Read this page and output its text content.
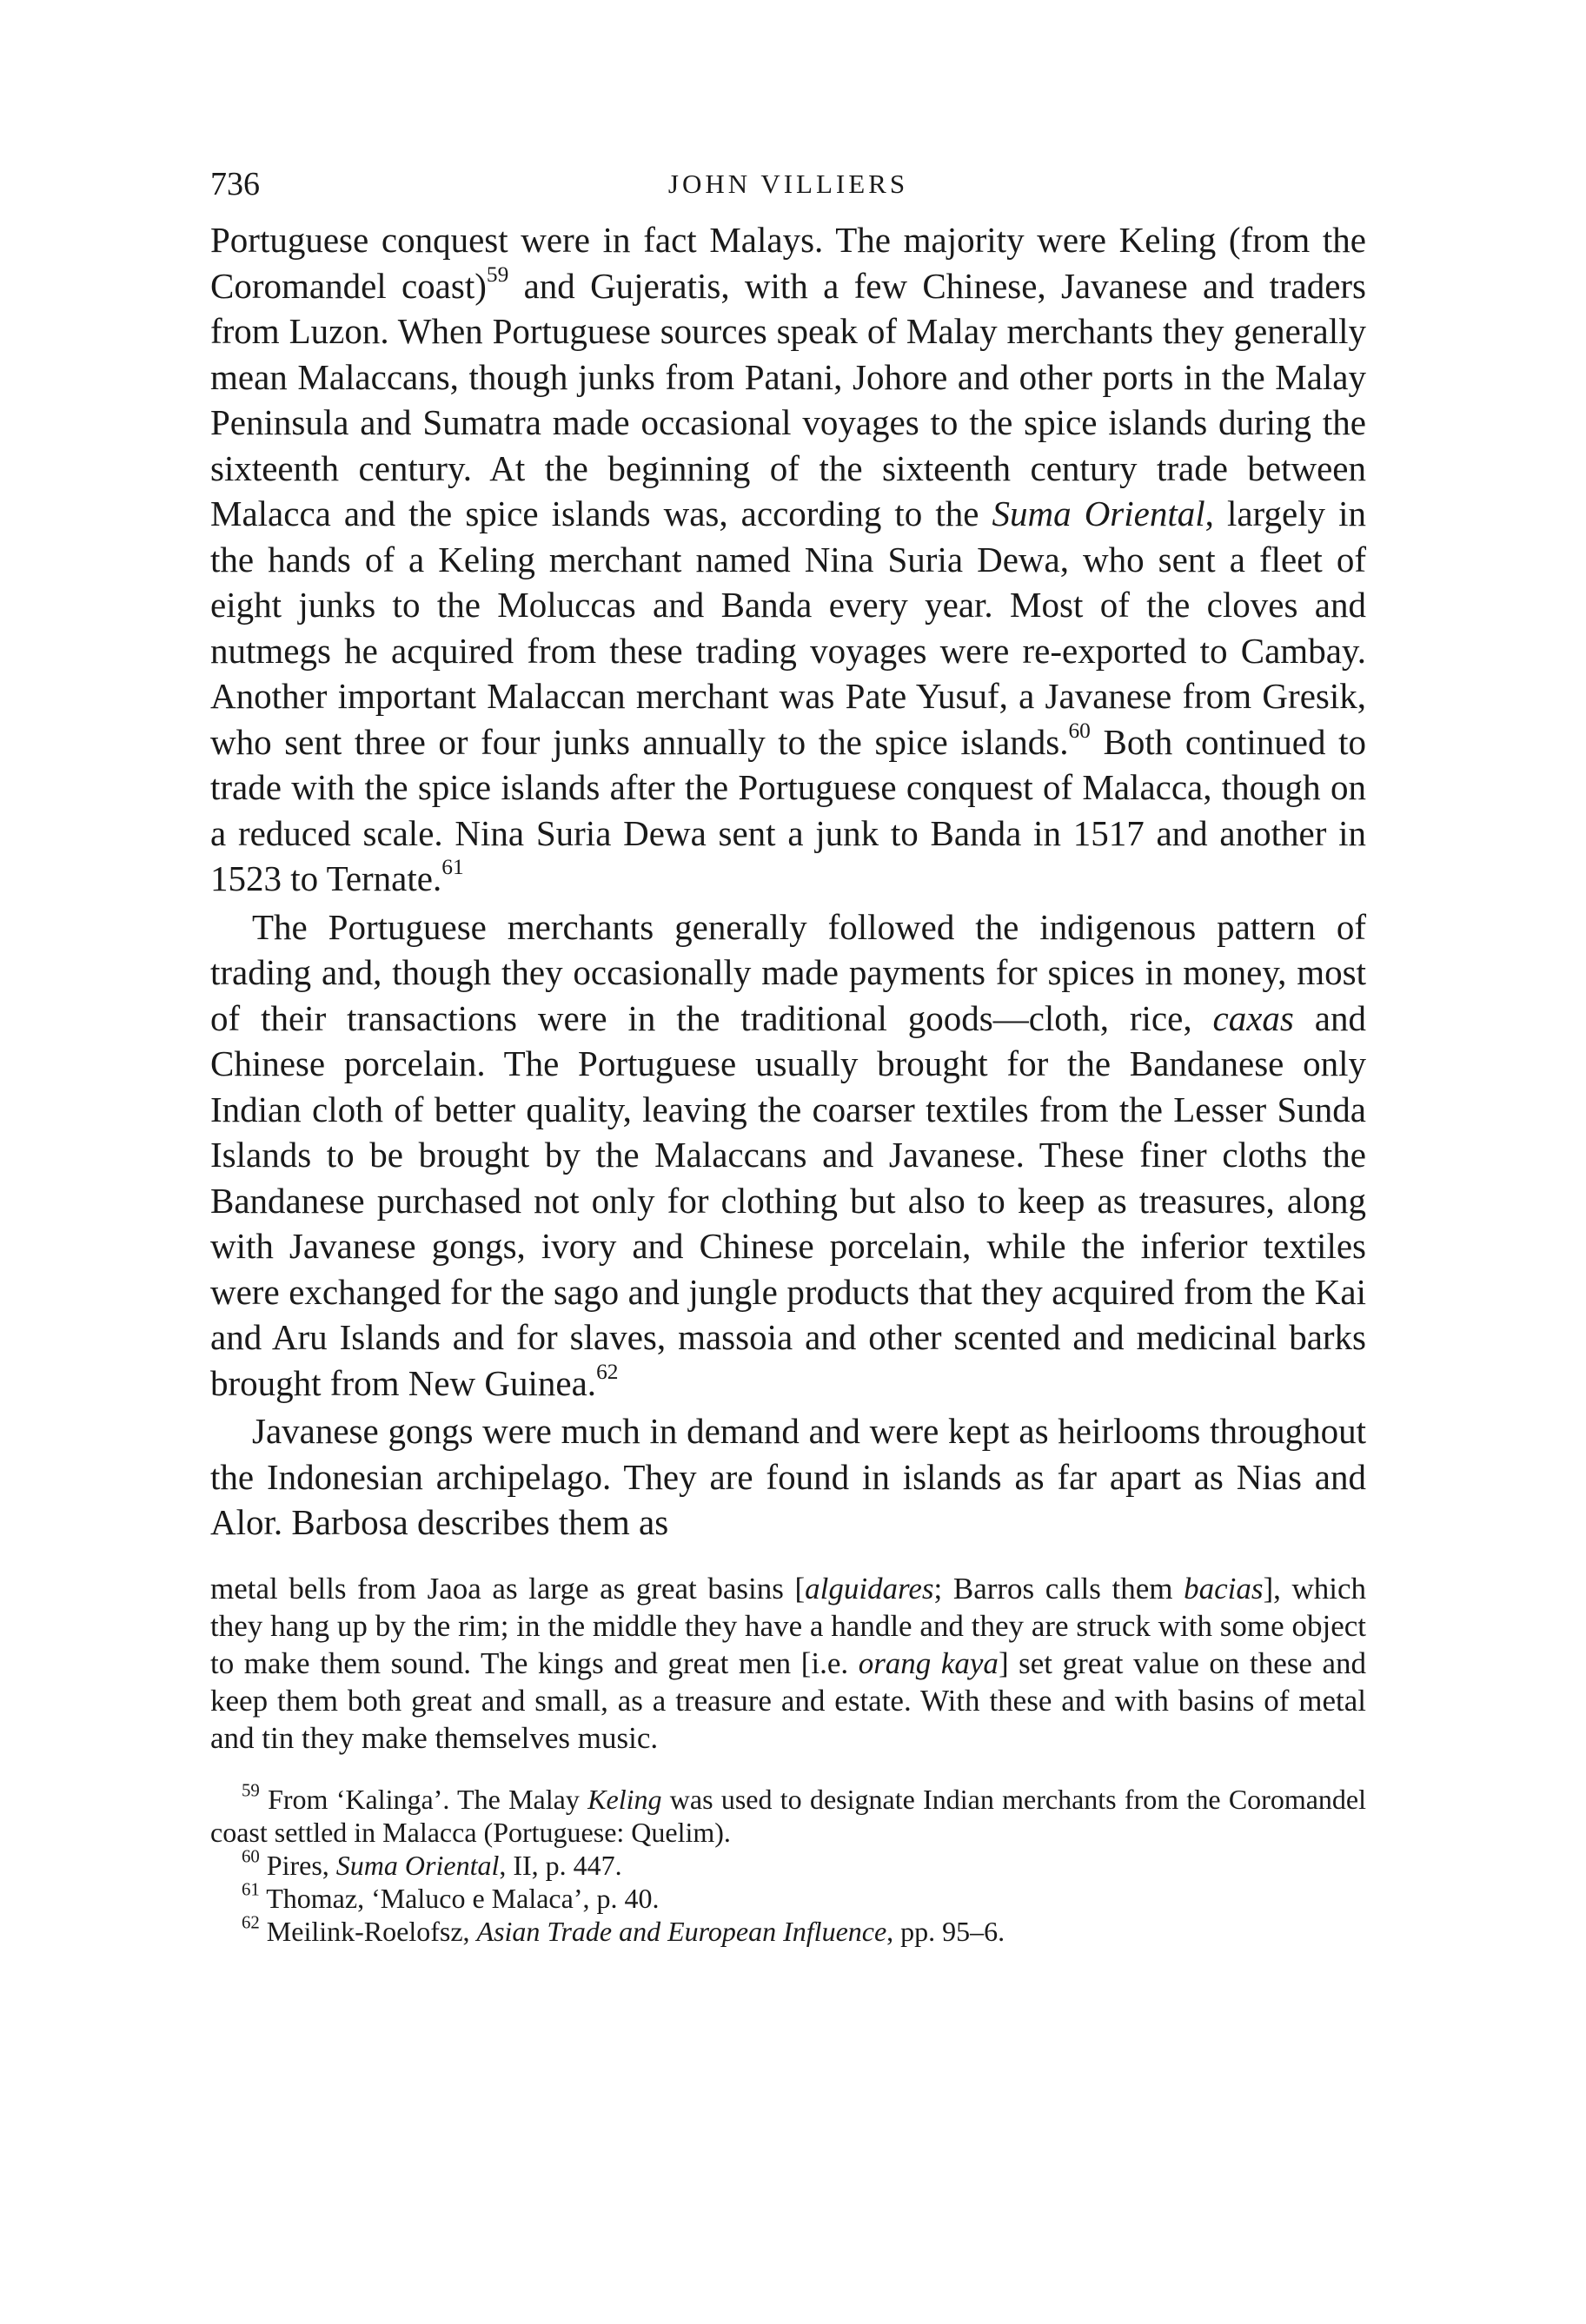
736	JOHN VILLIERS

Portuguese conquest were in fact Malays. The majority were Keling (from the Coromandel coast)$^{59}$ and Gujeratis, with a few Chinese, Javanese and traders from Luzon. When Portuguese sources speak of Malay merchants they generally mean Malaccans, though junks from Patani, Johore and other ports in the Malay Peninsula and Sumatra made occasional voyages to the spice islands during the sixteenth century. At the beginning of the sixteenth century trade between Malacca and the spice islands was, according to the Suma Oriental, largely in the hands of a Keling merchant named Nina Suria Dewa, who sent a fleet of eight junks to the Moluccas and Banda every year. Most of the cloves and nutmegs he acquired from these trading voyages were re-exported to Cambay. Another important Malaccan merchant was Pate Yusuf, a Javanese from Gresik, who sent three or four junks annually to the spice islands.$^{60}$ Both continued to trade with the spice islands after the Portuguese conquest of Malacca, though on a reduced scale. Nina Suria Dewa sent a junk to Banda in 1517 and another in 1523 to Ternate.$^{61}$

The Portuguese merchants generally followed the indigenous pattern of trading and, though they occasionally made payments for spices in money, most of their transactions were in the traditional goods—cloth, rice, caxas and Chinese porcelain. The Portuguese usually brought for the Bandanese only Indian cloth of better quality, leaving the coarser textiles from the Lesser Sunda Islands to be brought by the Malaccans and Javanese. These finer cloths the Bandanese purchased not only for clothing but also to keep as treasures, along with Javanese gongs, ivory and Chinese porcelain, while the inferior textiles were exchanged for the sago and jungle products that they acquired from the Kai and Aru Islands and for slaves, massoia and other scented and medicinal barks brought from New Guinea.$^{62}$

Javanese gongs were much in demand and were kept as heirlooms throughout the Indonesian archipelago. They are found in islands as far apart as Nias and Alor. Barbosa describes them as

metal bells from Jaoa as large as great basins [alguidares; Barros calls them bacias], which they hang up by the rim; in the middle they have a handle and they are struck with some object to make them sound. The kings and great men [i.e. orang kaya] set great value on these and keep them both great and small, as a treasure and estate. With these and with basins of metal and tin they make themselves music.

$^{59}$ From ‘Kalinga’. The Malay Keling was used to designate Indian merchants from the Coromandel coast settled in Malacca (Portuguese: Quelim).

$^{60}$ Pires, Suma Oriental, II, p. 447.

$^{61}$ Thomaz, ‘Maluco e Malaca’, p. 40.

$^{62}$ Meilink-Roelofsz, Asian Trade and European Influence, pp. 95–6.
